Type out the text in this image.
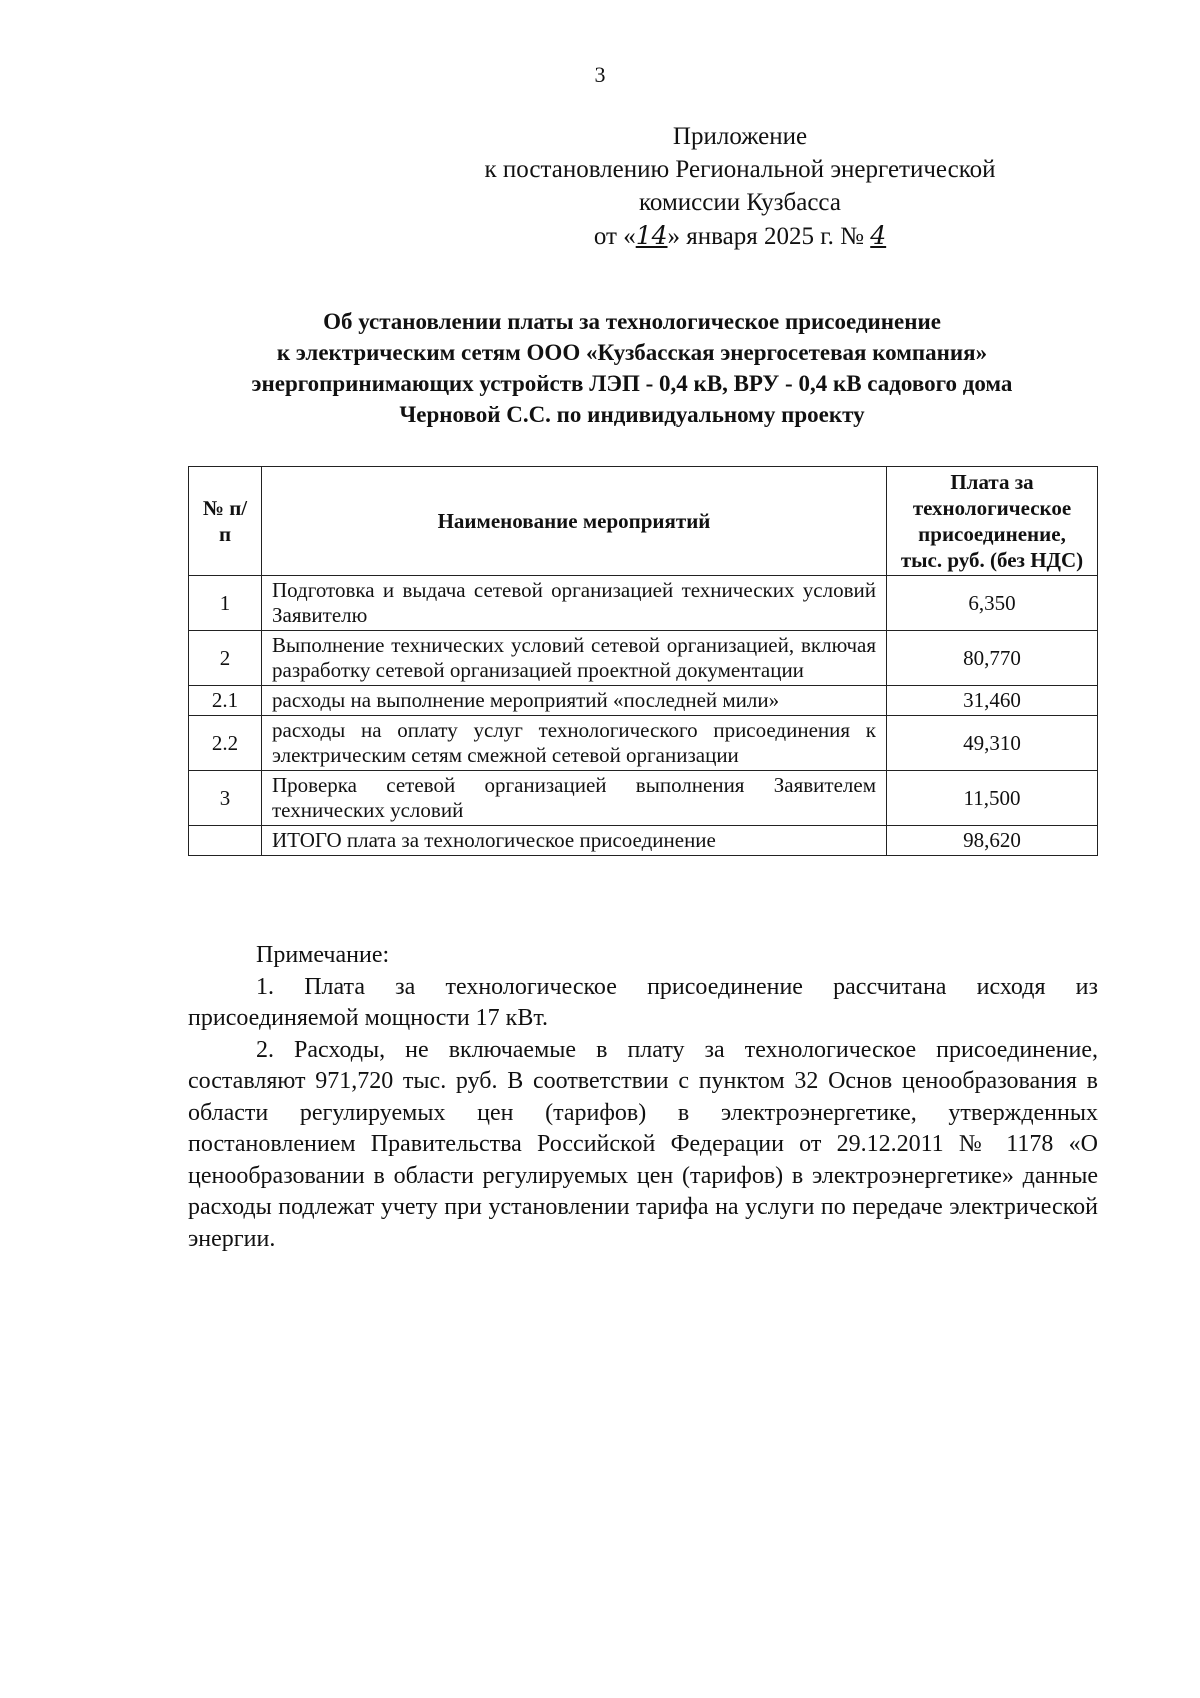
3
Приложение
к постановлению Региональной энергетической
комиссии Кузбасса
от «14» января 2025 г. № 4
Об установлении платы за технологическое присоединение
к электрическим сетям ООО «Кузбасская энергосетевая компания»
энергопринимающих устройств ЛЭП - 0,4 кВ, ВРУ - 0,4 кВ садового дома
Черновой С.С. по индивидуальному проекту
№ п/п	Наименование мероприятий	Плата за технологическое присоединение, тыс. руб. (без НДС)
1	Подготовка и выдача сетевой организацией технических условий Заявителю	6,350
2	Выполнение технических условий сетевой организацией, включая разработку сетевой организацией проектной документации	80,770
2.1	расходы на выполнение мероприятий «последней мили»	31,460
2.2	расходы на оплату услуг технологического присоединения к электрическим сетям смежной сетевой организации	49,310
3	Проверка сетевой организацией выполнения Заявителем технических условий	11,500
	ИТОГО плата за технологическое присоединение	98,620
Примечание:

1. Плата за технологическое присоединение рассчитана исходя из присоединяемой мощности 17 кВт.

2. Расходы, не включаемые в плату за технологическое присоединение, составляют 971,720 тыс. руб. В соответствии с пунктом 32 Основ ценообразования в области регулируемых цен (тарифов) в электроэнергетике, утвержденных постановлением Правительства Российской Федерации от 29.12.2011 № 1178 «О ценообразовании в области регулируемых цен (тарифов) в электроэнергетике» данные расходы подлежат учету при установлении тарифа на услуги по передаче электрической энергии.
